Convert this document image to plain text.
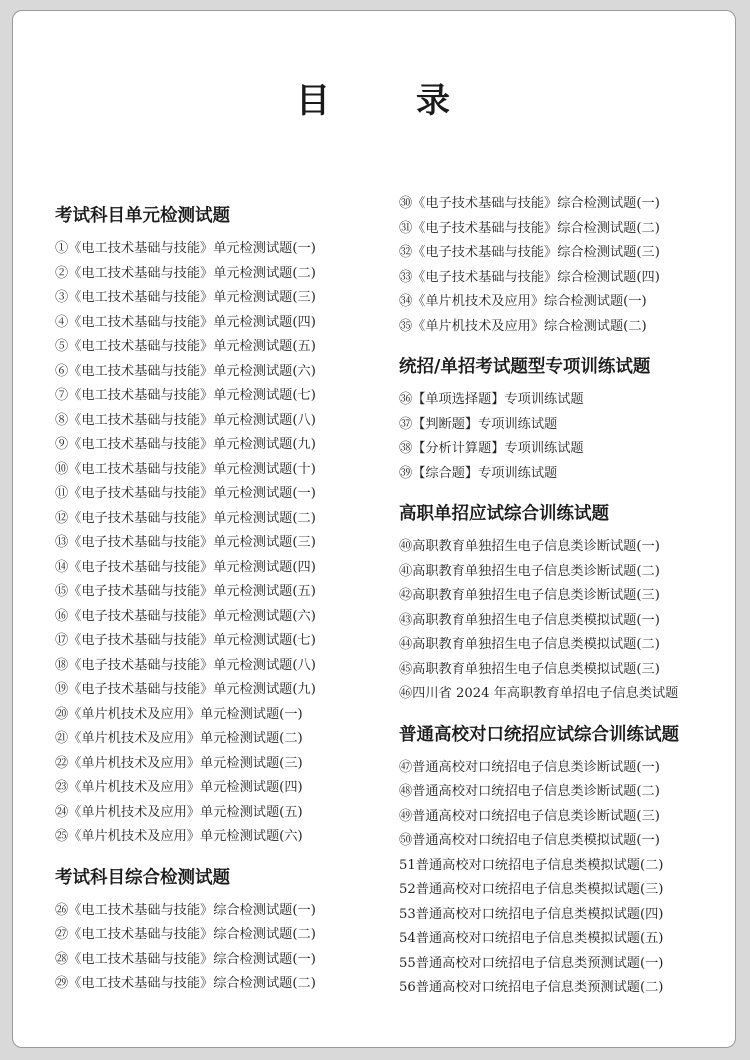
目 录
考试科目单元检测试题
①《电工技术基础与技能》单元检测试题(一)
②《电工技术基础与技能》单元检测试题(二)
③《电工技术基础与技能》单元检测试题(三)
④《电工技术基础与技能》单元检测试题(四)
⑤《电工技术基础与技能》单元检测试题(五)
⑥《电工技术基础与技能》单元检测试题(六)
⑦《电工技术基础与技能》单元检测试题(七)
⑧《电工技术基础与技能》单元检测试题(八)
⑨《电工技术基础与技能》单元检测试题(九)
⑩《电工技术基础与技能》单元检测试题(十)
⑪《电子技术基础与技能》单元检测试题(一)
⑫《电子技术基础与技能》单元检测试题(二)
⑬《电子技术基础与技能》单元检测试题(三)
⑭《电子技术基础与技能》单元检测试题(四)
⑮《电子技术基础与技能》单元检测试题(五)
⑯《电子技术基础与技能》单元检测试题(六)
⑰《电子技术基础与技能》单元检测试题(七)
⑱《电子技术基础与技能》单元检测试题(八)
⑲《电子技术基础与技能》单元检测试题(九)
⑳《单片机技术及应用》单元检测试题(一)
㉑《单片机技术及应用》单元检测试题(二)
㉒《单片机技术及应用》单元检测试题(三)
㉓《单片机技术及应用》单元检测试题(四)
㉔《单片机技术及应用》单元检测试题(五)
㉕《单片机技术及应用》单元检测试题(六)
考试科目综合检测试题
㉖《电工技术基础与技能》综合检测试题(一)
㉗《电工技术基础与技能》综合检测试题(二)
㉘《电工技术基础与技能》综合检测试题(一)
㉙《电工技术基础与技能》综合检测试题(二)
㉚《电子技术基础与技能》综合检测试题(一)
㉛《电子技术基础与技能》综合检测试题(二)
㉜《电子技术基础与技能》综合检测试题(三)
㉝《电子技术基础与技能》综合检测试题(四)
㉞《单片机技术及应用》综合检测试题(一)
㉟《单片机技术及应用》综合检测试题(二)
统招/单招考试题型专项训练试题
㊱【单项选择题】专项训练试题
㊲【判断题】专项训练试题
㊳【分析计算题】专项训练试题
㊴【综合题】专项训练试题
高职单招应试综合训练试题
㊵高职教育单独招生电子信息类诊断试题(一)
㊶高职教育单独招生电子信息类诊断试题(二)
㊷高职教育单独招生电子信息类诊断试题(三)
㊸高职教育单独招生电子信息类模拟试题(一)
㊹高职教育单独招生电子信息类模拟试题(二)
㊺高职教育单独招生电子信息类模拟试题(三)
㊻四川省 2024 年高职教育单招电子信息类试题
普通高校对口统招应试综合训练试题
㊼普通高校对口统招电子信息类诊断试题(一)
㊽普通高校对口统招电子信息类诊断试题(二)
㊾普通高校对口统招电子信息类诊断试题(三)
㊿普通高校对口统招电子信息类模拟试题(一)
51普通高校对口统招电子信息类模拟试题(二)
52普通高校对口统招电子信息类模拟试题(三)
53普通高校对口统招电子信息类模拟试题(四)
54普通高校对口统招电子信息类模拟试题(五)
55普通高校对口统招电子信息类预测试题(一)
56普通高校对口统招电子信息类预测试题(二)
